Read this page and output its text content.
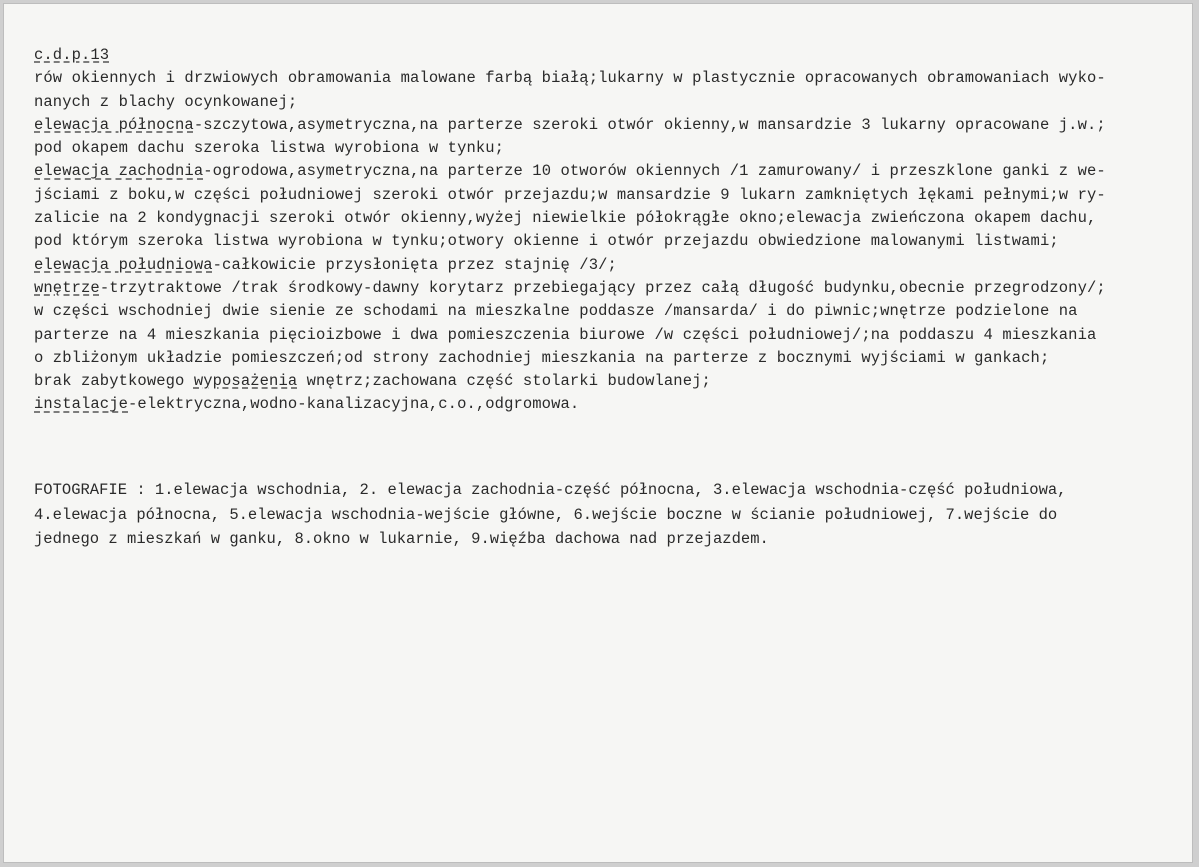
c.d.p.13
rów okiennych i drzwiowych obramowania malowane farbą białą;lukarny w plastycznie opracowanych obramowaniach wyko-
nanych z blachy ocynkowanej;
elewacja północna-szczytowa,asymetryczna,na parterze szeroki otwór okienny,w mansardzie 3 lukarny opracowane j.w.;
pod okapem dachu szeroka listwa wyrobiona w tynku;
elewacja zachodnia-ogrodowa,asymetryczna,na parterze 10 otworów okiennych /1 zamurowany/ i przeszklone ganki z we-
jściami z boku,w części południowej szeroki otwór przejazdu;w mansardzie 9 lukarn zamkniętych łękami pełnymi;w ry-
zalicie na 2 kondygnacji szeroki otwór okienny,wyżej niewielkie półokrągłe okno;elewacja zwieńczona okapem dachu,
pod którym szeroka listwa wyrobiona w tynku;otwory okienne i otwór przejazdu obwiedzione malowanymi listwami;
elewacja południowa-całkowicie przysłonięta przez stajnię /3/;
wnętrze-trzytraktowe /trak środkowy-dawny korytarz przebiegający przez całą długość budynku,obecnie przegrodzony/;
w części wschodniej dwie sienie ze schodami na mieszkalne poddasze /mansarda/ i do piwnic;wnętrze podzielone na
parterze na 4 mieszkania pięcioizbowe i dwa pomieszczenia biurowe /w części południowej/;na poddaszu 4 mieszkania
o zbliżonym układzie pomieszczeń;od strony zachodniej mieszkania na parterze z bocznymi wyjściami w gankach;
brak zabytkowego wyposażenia wnętrz;zachowana część stolarki budowlanej;
instalacje-elektryczna,wodno-kanalizacyjna,c.o.,odgromowa.
FOTOGRAFIE : 1.elewacja wschodnia, 2. elewacja zachodnia-część północna, 3.elewacja wschodnia-część południowa,
4.elewacja północna, 5.elewacja wschodnia-wejście główne, 6.wejście boczne w ścianie południowej, 7.wejście do
jednego z mieszkań w ganku, 8.okno w lukarnie, 9.więźba dachowa nad przejazdem.
